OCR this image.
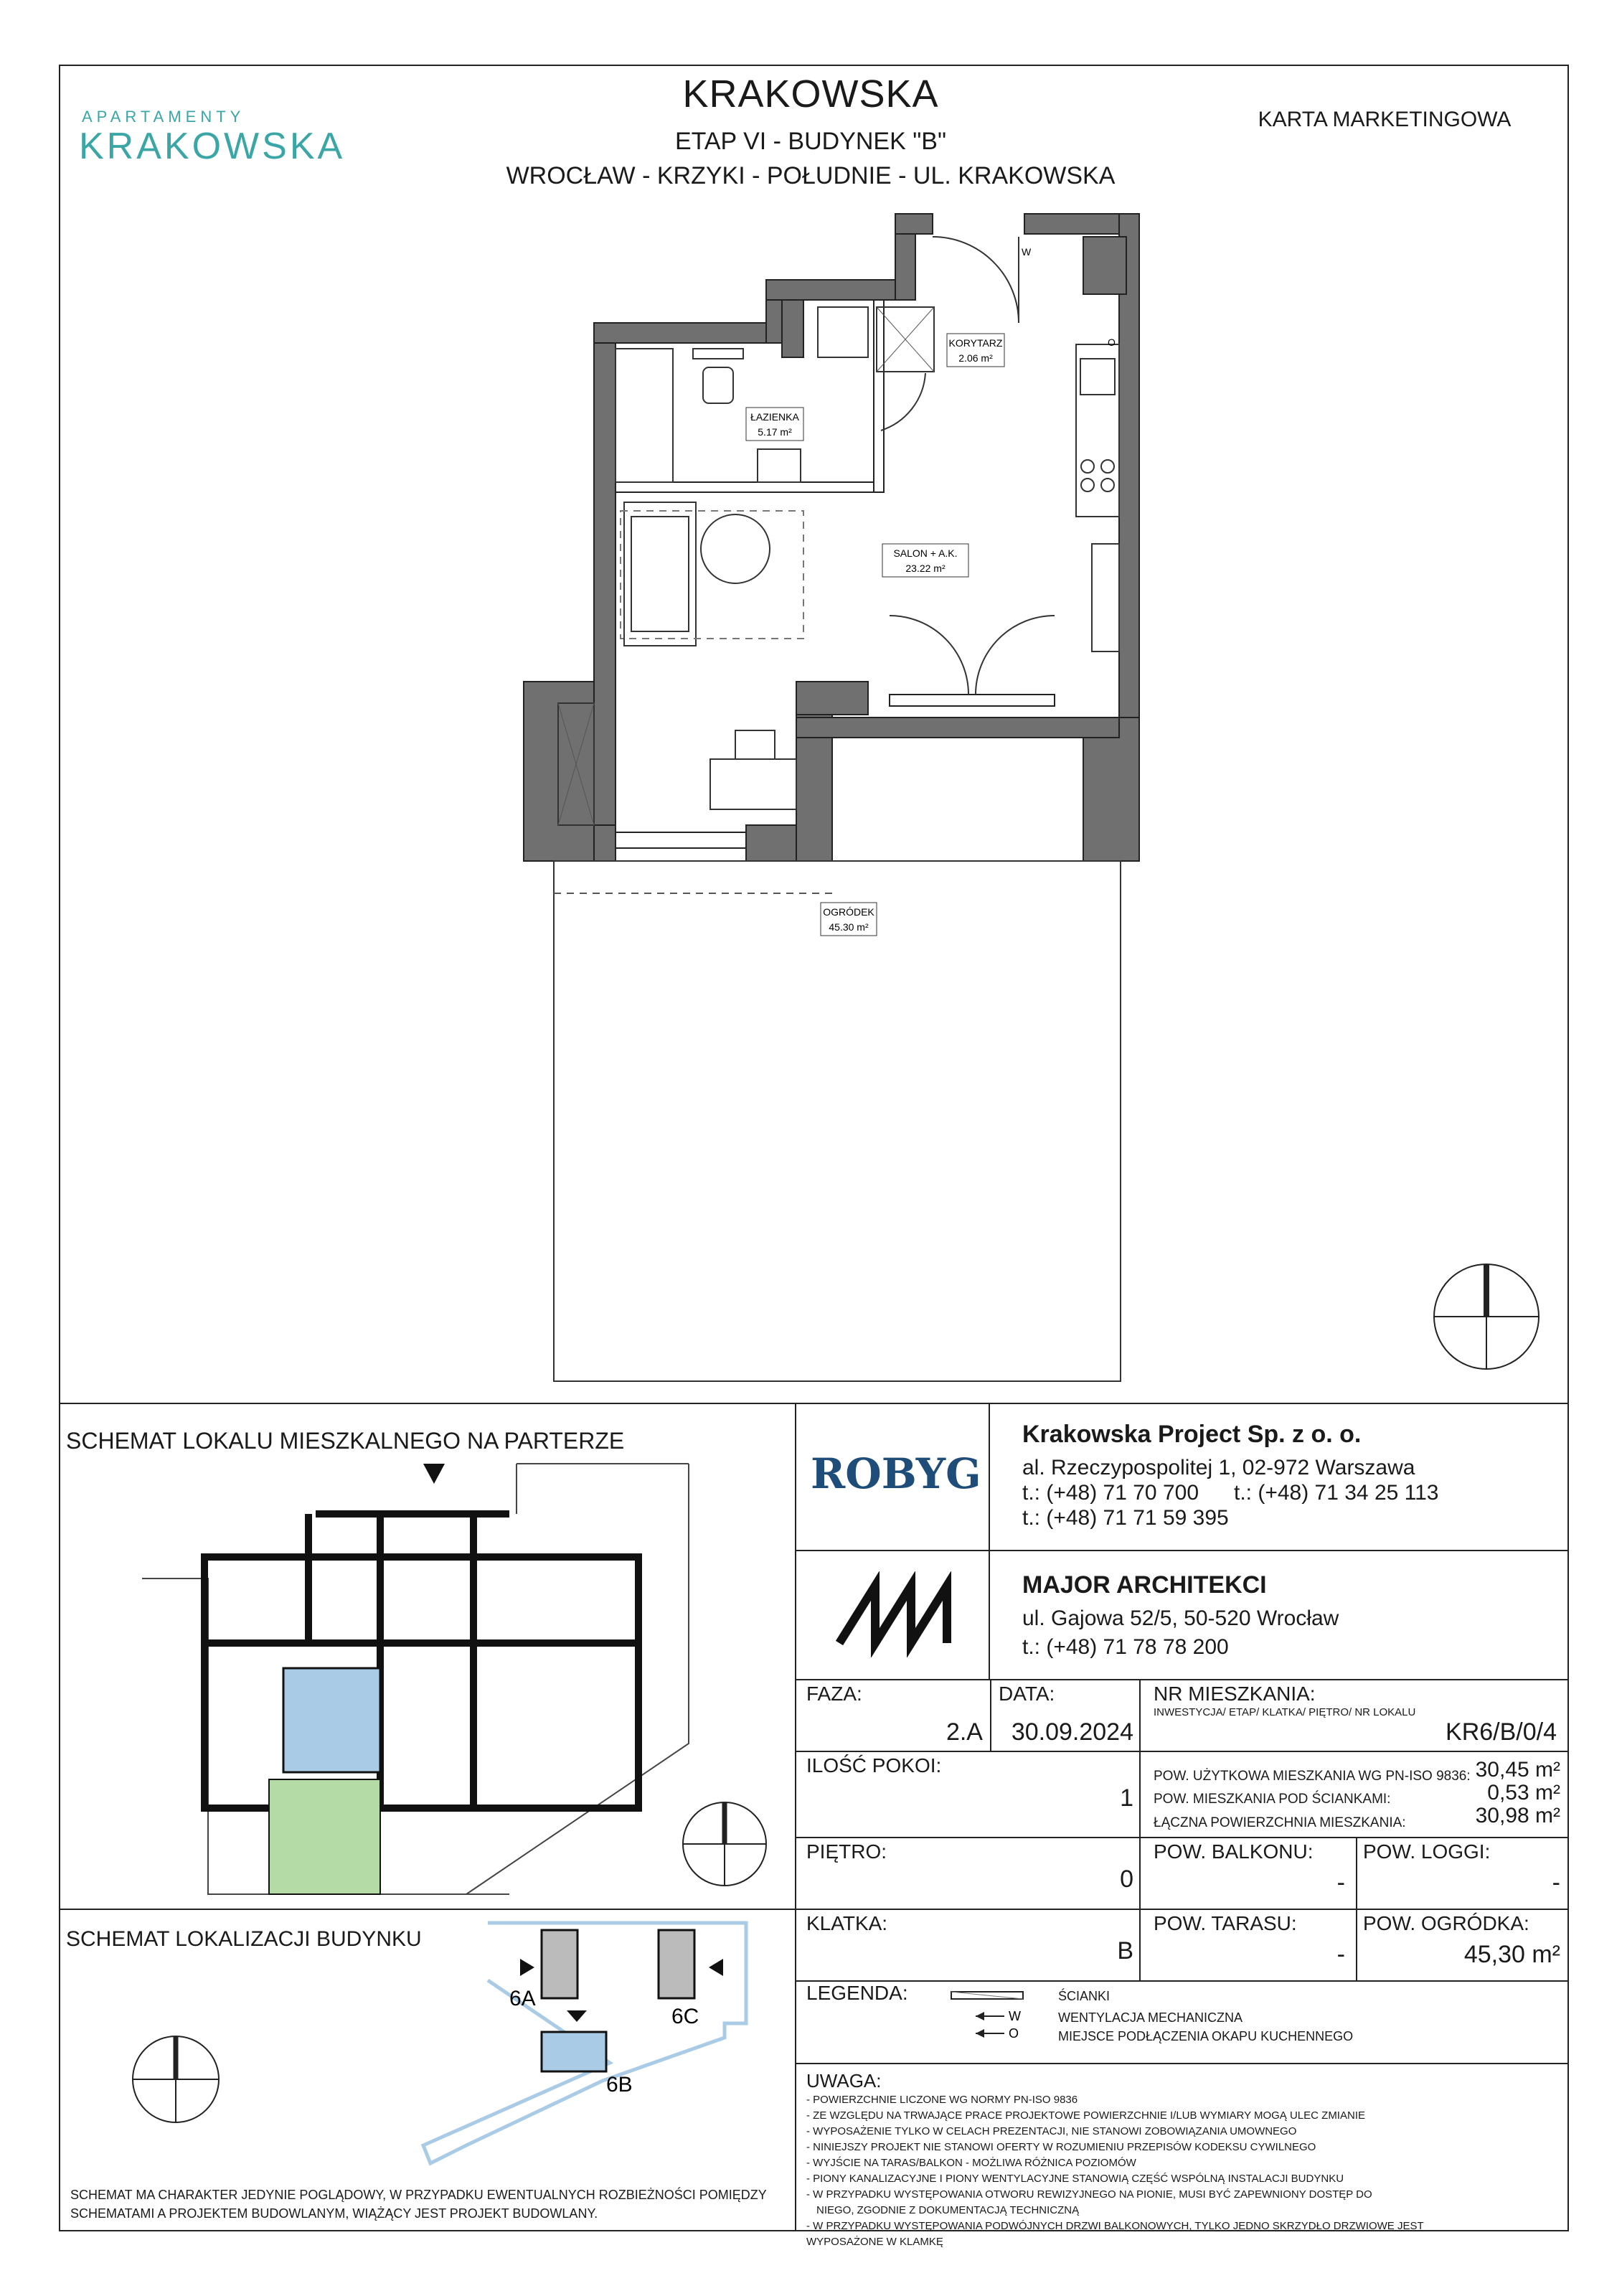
APARTAMENTY
KRAKOWSKA
KRAKOWSKA
ETAP VI - BUDYNEK "B"
WROCŁAW - KRZYKI - POŁUDNIE - UL. KRAKOWSKA
KARTA MARKETINGOWA
KORYTARZ
2.06 m²
ŁAZIENKA
5.17 m²
SALON + A.K.
23.22 m²
OGRÓDEK
45.30 m²
W
O
SCHEMAT LOKALU MIESZKALNEGO NA PARTERZE
SCHEMAT LOKALIZACJI BUDYNKU
6A
6C
6B
SCHEMAT MA CHARAKTER JEDYNIE POGLĄDOWY, W PRZYPADKU EWENTUALNYCH ROZBIEŻNOŚCI POMIĘDZY SCHEMATAMI A PROJEKTEM BUDOWLANYM, WIĄŻĄCY JEST PROJEKT BUDOWLANY.
ROBYG
Krakowska Project Sp. z o. o.
al. Rzeczypospolitej 1, 02-972 Warszawa
t.: (+48) 71 70 700 t.: (+48) 71 34 25 113
t.: (+48) 71 71 59 395
MAJOR ARCHITEKCI
ul. Gajowa 52/5, 50-520 Wrocław
t.: (+48) 71 78 78 200
FAZA:
2.A
DATA:
30.09.2024
NR MIESZKANIA:
INWESTYCJA/ ETAP/ KLATKA/ PIĘTRO/ NR LOKALU
KR6/B/0/4
ILOŚĆ POKOI:
1
POW. UŻYTKOWA MIESZKANIA WG PN-ISO 9836: 30,45 m²
POW. MIESZKANIA POD ŚCIANKAMI:	0,53 m²
ŁĄCZNA POWIERZCHNIA MIESZKANIA:	30,98 m²
PIĘTRO:
0
POW. BALKONU:
-
POW. LOGGI:
-
KLATKA:
B
POW. TARASU:
-
POW. OGRÓDKA:
45,30 m²
LEGENDA:
W
O
ŚCIANKI
WENTYLACJA MECHANICZNA
MIEJSCE PODŁĄCZENIA OKAPU KUCHENNEGO
UWAGA:
- POWIERZCHNIE LICZONE WG NORMY PN-ISO 9836
- ZE WZGLĘDU NA TRWAJĄCE PRACE PROJEKTOWE POWIERZCHNIE I/LUB WYMIARY MOGĄ ULEC ZMIANIE
- WYPOSAŻENIE TYLKO W CELACH PREZENTACJI, NIE STANOWI ZOBOWIĄZANIA UMOWNEGO
- NINIEJSZY PROJEKT NIE STANOWI OFERTY W ROZUMIENIU PRZEPISÓW KODEKSU CYWILNEGO
- WYJŚCIE NA TARAS/BALKON - MOŻLIWA RÓŻNICA POZIOMÓW
- PIONY KANALIZACYJNE I PIONY WENTYLACYJNE STANOWIĄ CZĘŚĆ WSPÓLNĄ INSTALACJI BUDYNKU
- W PRZYPADKU WYSTĘPOWANIA OTWORU REWIZYJNEGO NA PIONIE, MUSI BYĆ ZAPEWNIONY DOSTĘP DO
NIEGO, ZGODNIE Z DOKUMENTACJĄ TECHNICZNĄ
- W PRZYPADKU WYSTĘPOWANIA PODWÓJNYCH DRZWI BALKONOWYCH, TYLKO JEDNO SKRZYDŁO DRZWIOWE JEST
WYPOSAŻONE W KLAMKĘ
